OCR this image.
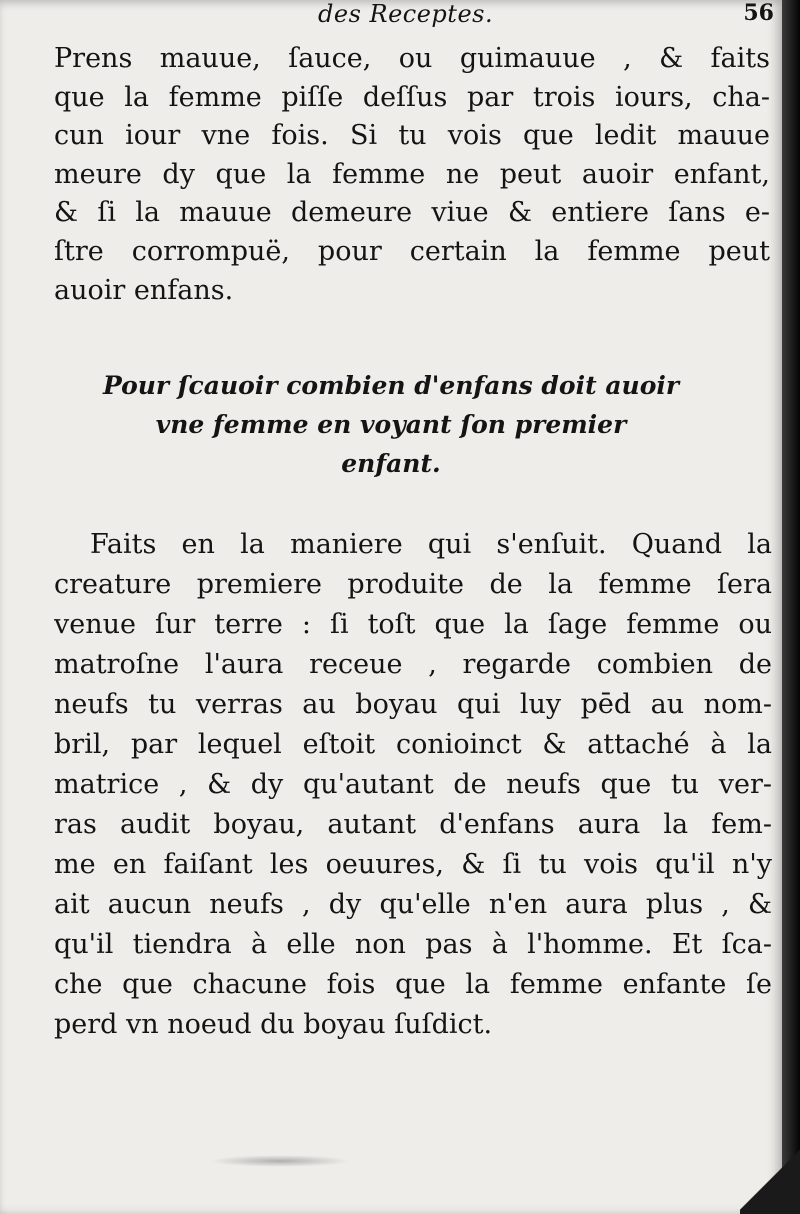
des Receptes.	56
Prens mauue, ſauce, ou guimauue , & faits
que la femme piſſe deſſus par trois iours, cha-
cun iour vne fois. Si tu vois que ledit mauue
meure dy que la femme ne peut auoir enfant,
& ſi la mauue demeure viue & entiere ſans e-
ſtre corrompuë, pour certain la femme peut
auoir enfans.
Pour ſcauoir combien d'enfans doit auoir
vne femme en voyant ſon premier
enfant.
Faits en la maniere qui s'enſuit. Quand la
creature premiere produite de la femme ſera
venue ſur terre : ſi toſt que la ſage femme ou
matroſne l'aura receue , regarde combien de
neufs tu verras au boyau qui luy pēd au nom-
bril, par lequel eſtoit conioinct & attaché à la
matrice , & dy qu'autant de neufs que tu ver-
ras audit boyau, autant d'enfans aura la fem-
me en faiſant les oeuures, & ſi tu vois qu'il n'y
ait aucun neufs , dy qu'elle n'en aura plus , &
qu'il tiendra à elle non pas à l'homme. Et ſca-
che que chacune fois que la femme enfante ſe
perd vn noeud du boyau ſuſdict.
